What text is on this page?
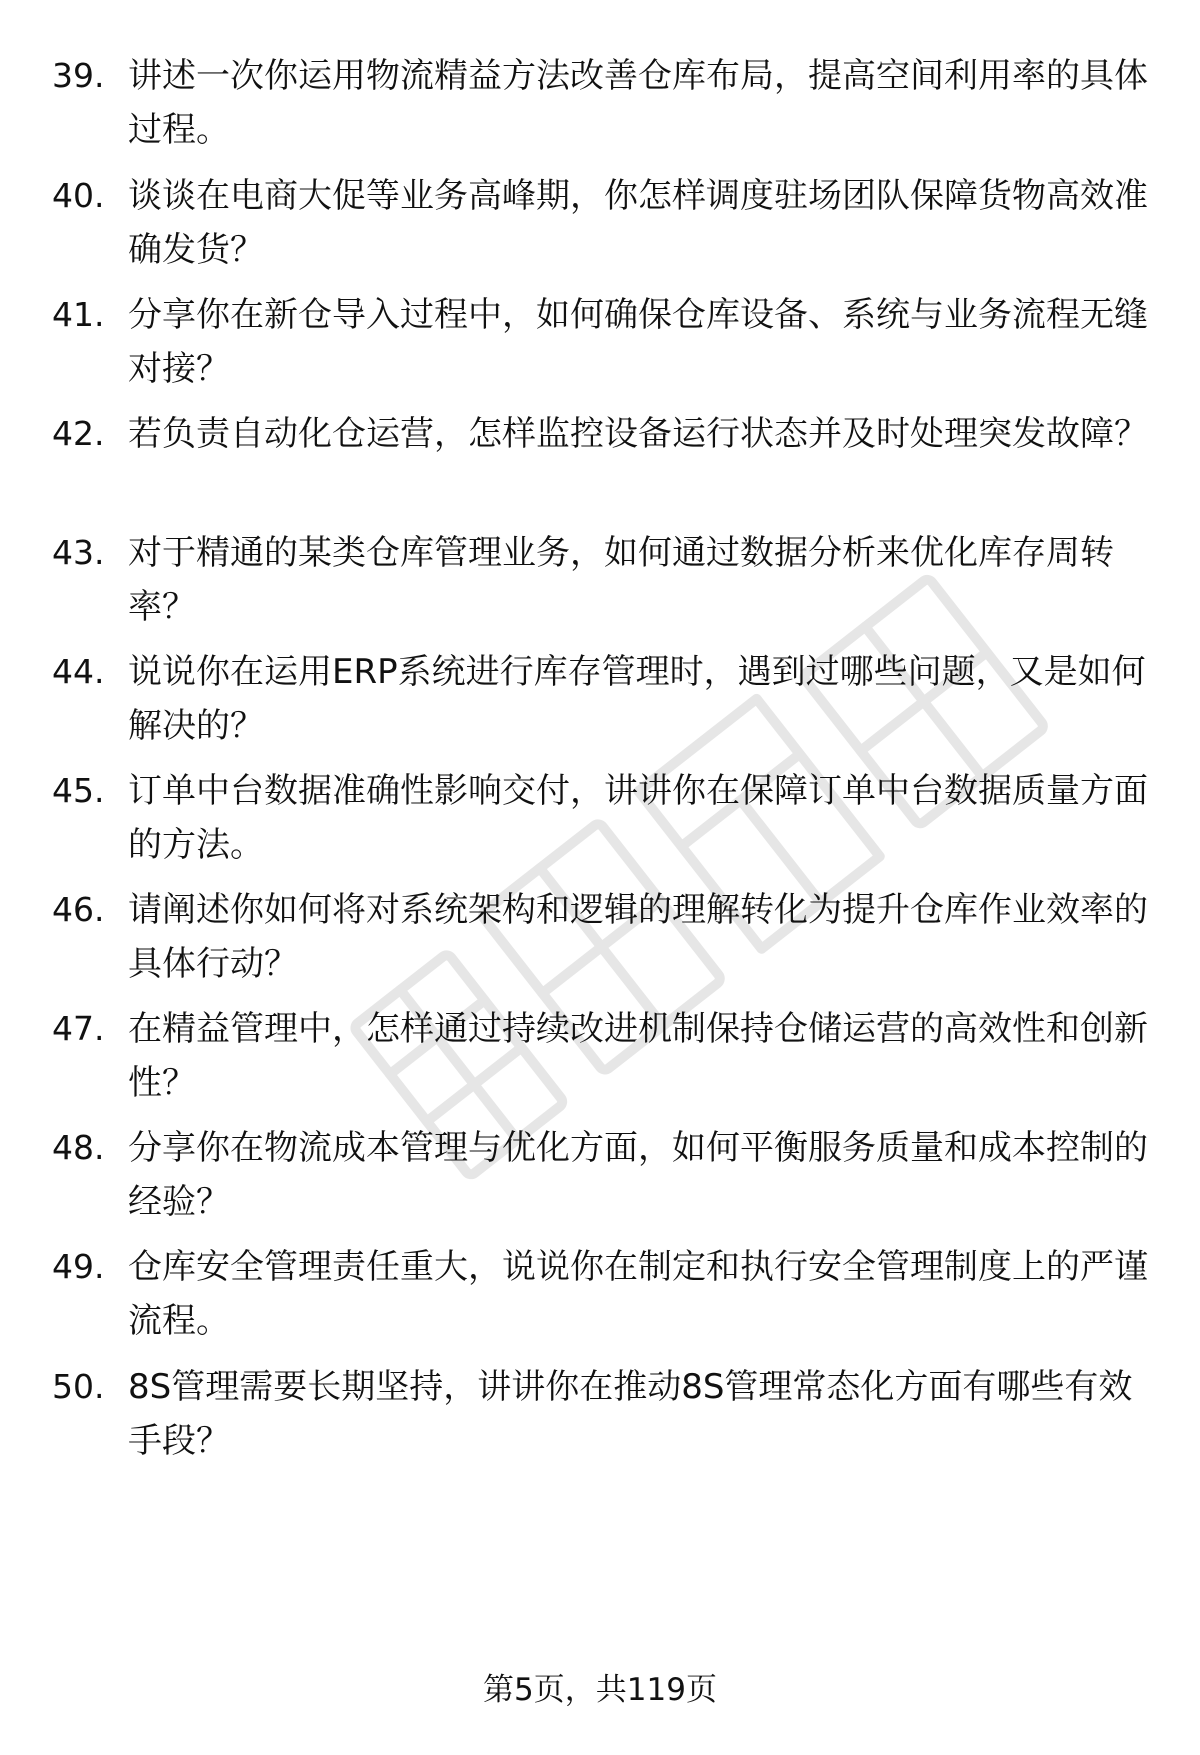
39. 讲述一次你运用物流精益方法改善仓库布局，提高空间利用率的具体过程。
40. 谈谈在电商大促等业务高峰期，你怎样调度驻场团队保障货物高效准确发货？
41. 分享你在新仓导入过程中，如何确保仓库设备、系统与业务流程无缝对接？
42. 若负责自动化仓运营，怎样监控设备运行状态并及时处理突发故障？
43. 对于精通的某类仓库管理业务，如何通过数据分析来优化库存周转率？
44. 说说你在运用ERP系统进行库存管理时，遇到过哪些问题，又是如何解决的？
45. 订单中台数据准确性影响交付，讲讲你在保障订单中台数据质量方面的方法。
46. 请阐述你如何将对系统架构和逻辑的理解转化为提升仓库作业效率的具体行动？
47. 在精益管理中，怎样通过持续改进机制保持仓储运营的高效性和创新性？
48. 分享你在物流成本管理与优化方面，如何平衡服务质量和成本控制的经验？
49. 仓库安全管理责任重大，说说你在制定和执行安全管理制度上的严谨流程。
50. 8S管理需要长期坚持，讲讲你在推动8S管理常态化方面有哪些有效手段？
第5页，共119页
